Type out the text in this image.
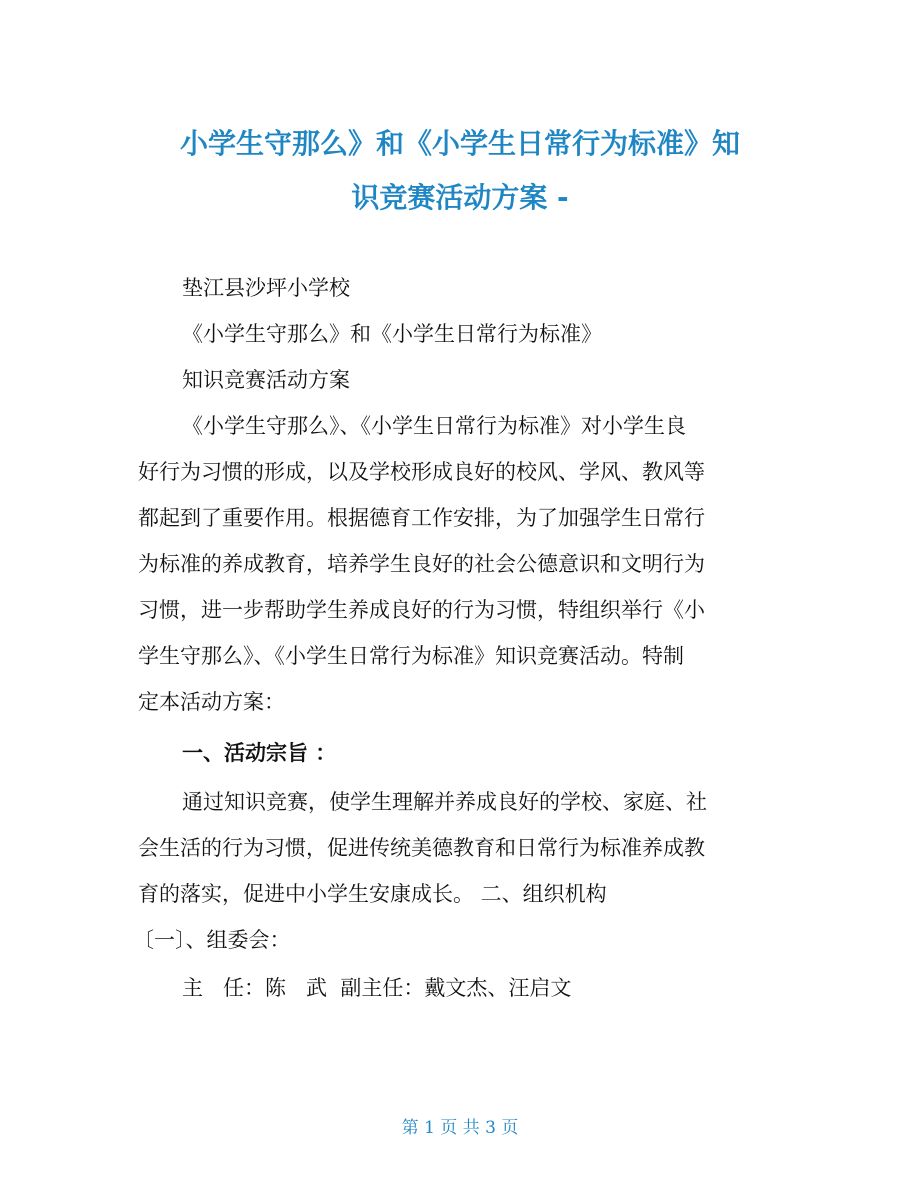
小学生守那么》和《小学生日常行为标准》知
识竞赛活动方案 -
垫江县沙坪小学校
《小学生守那么》和《小学生日常行为标准》
知识竞赛活动方案
《小学生守那么》、《小学生日常行为标准》对小学生良
好行为习惯的形成，以及学校形成良好的校风、学风、教风等
都起到了重要作用。根据德育工作安排，为了加强学生日常行
为标准的养成教育，培养学生良好的社会公德意识和文明行为
习惯，进一步帮助学生养成良好的行为习惯，特组织举行《小
学生守那么》、《小学生日常行为标准》知识竞赛活动。特制
定本活动方案：
一、活动宗旨 ：
通过知识竞赛，使学生理解并养成良好的学校、家庭、社
会生活的行为习惯，促进传统美德教育和日常行为标准养成教
育的落实，促进中小学生安康成长。 二、组织机构
〔一〕、组委会：
主   任：陈   武  副主任：戴文杰、汪启文
第 1 页 共 3 页
